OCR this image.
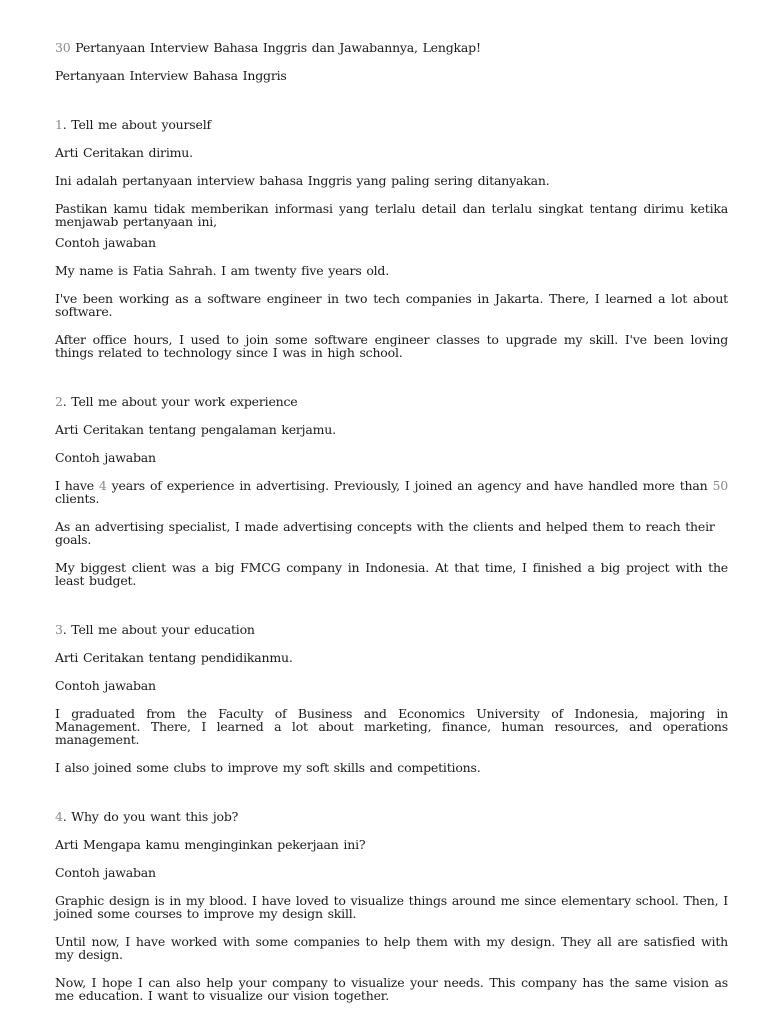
30 Pertanyaan Interview Bahasa Inggris dan Jawabannya, Lengkap!

Pertanyaan Interview Bahasa Inggris

1. Tell me about yourself

Arti Ceritakan dirimu.

Ini adalah pertanyaan interview bahasa Inggris yang paling sering ditanyakan.

Pastikan kamu tidak memberikan informasi yang terlalu detail dan terlalu singkat tentang dirimu ketika menjawab pertanyaan ini,

Contoh jawaban

My name is Fatia Sahrah. I am twenty five years old.

I've been working as a software engineer in two tech companies in Jakarta. There, I learned a lot about software.

After office hours, I used to join some software engineer classes to upgrade my skill. I've been loving things related to technology since I was in high school.

2. Tell me about your work experience

Arti Ceritakan tentang pengalaman kerjamu.

Contoh jawaban

I have 4 years of experience in advertising. Previously, I joined an agency and have handled more than 50 clients.

As an advertising specialist, I made advertising concepts with the clients and helped them to reach their goals.

My biggest client was a big FMCG company in Indonesia. At that time, I finished a big project with the least budget.

3. Tell me about your education

Arti Ceritakan tentang pendidikanmu.

Contoh jawaban

I graduated from the Faculty of Business and Economics University of Indonesia, majoring in Management. There, I learned a lot about marketing, finance, human resources, and operations management.

I also joined some clubs to improve my soft skills and competitions.

4. Why do you want this job?

Arti Mengapa kamu menginginkan pekerjaan ini?

Contoh jawaban

Graphic design is in my blood. I have loved to visualize things around me since elementary school. Then, I joined some courses to improve my design skill.

Until now, I have worked with some companies to help them with my design. They all are satisfied with my design.

Now, I hope I can also help your company to visualize your needs. This company has the same vision as me education. I want to visualize our vision together.
